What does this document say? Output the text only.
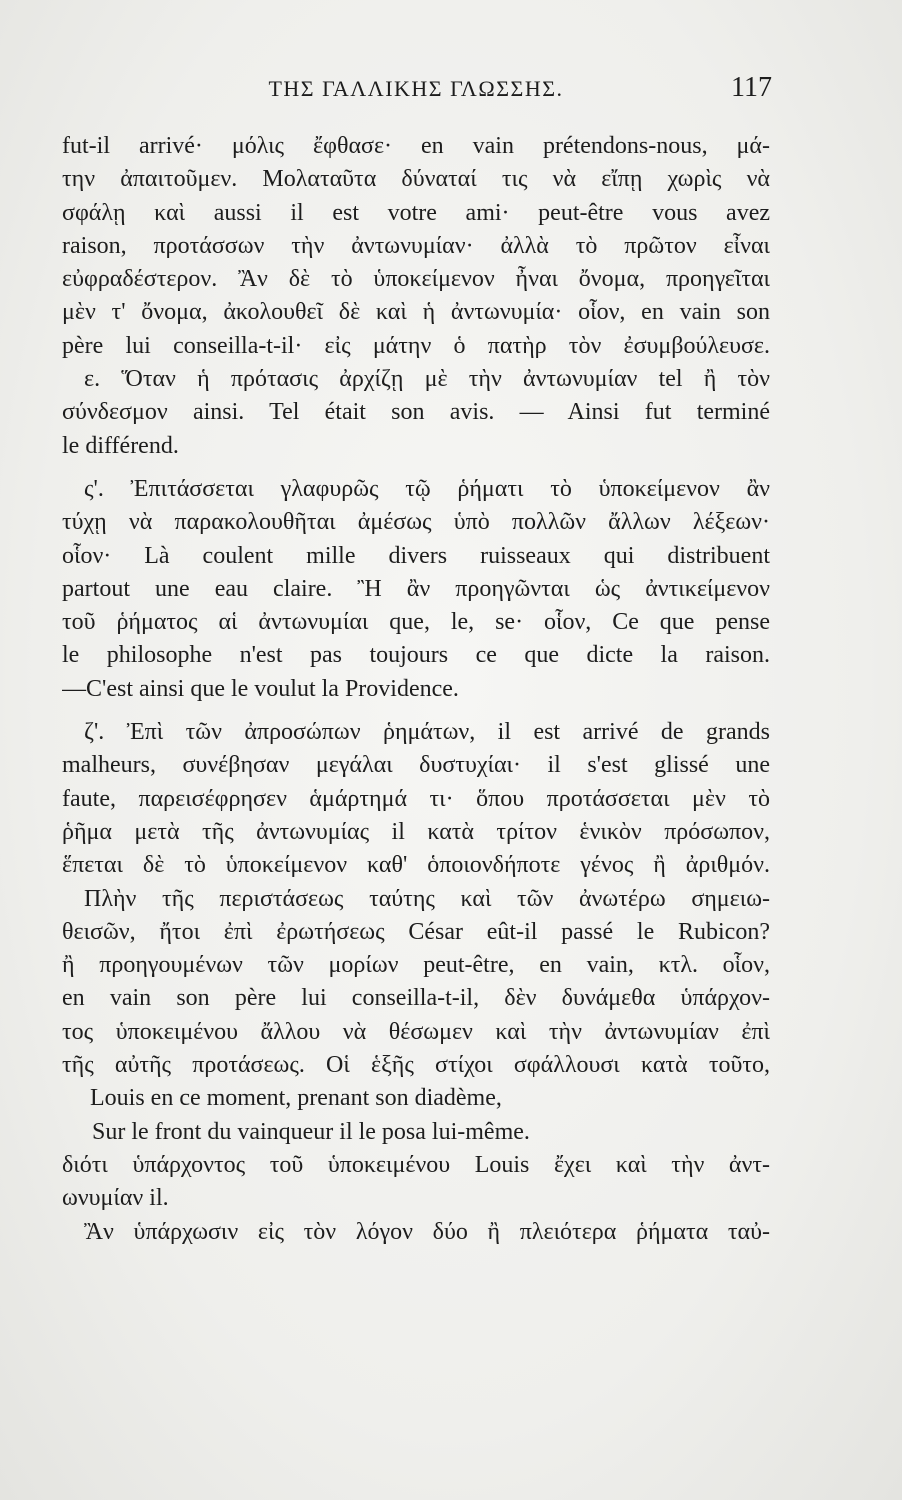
ΤΗΣ ΓΑΛΛΙΚΗΣ ΓΛΩΣΣΗΣ.	117
fut-il arrivé· μόλις ἔφθασε· en vain prétendons-nous, μά-
την ἀπαιτοῦμεν. Μολαταῦτα δύναταί τις νὰ εἴπῃ χωρὶς νὰ
σφάλῃ καὶ aussi il est votre ami· peut-être vous avez
raison, προτάσσων τὴν ἀντωνυμίαν· ἀλλὰ τὸ πρῶτον εἶναι
εὐφραδέστερον. Ἂν δὲ τὸ ὑποκείμενον ἦναι ὄνομα, προηγεῖται
μὲν τ' ὄνομα, ἀκολουθεῖ δὲ καὶ ἡ ἀντωνυμία· οἷον, en vain son
père lui conseilla-t-il· εἰς μάτην ὁ πατὴρ τὸν ἐσυμβούλευσε.
ε. Ὅταν ἡ πρότασις ἀρχίζῃ μὲ τὴν ἀντωνυμίαν tel ἢ τὸν
σύνδεσμον ainsi. Tel était son avis. — Ainsi fut terminé
le différend.
ς'. Ἐπιτάσσεται γλαφυρῶς τῷ ῥήματι τὸ ὑποκείμενον ἂν
τύχῃ νὰ παρακολουθῆται ἀμέσως ὑπὸ πολλῶν ἄλλων λέξεων·
οἷον· Là coulent mille divers ruisseaux qui distribuent
partout une eau claire. Ἢ ἂν προηγῶνται ὡς ἀντικείμενον
τοῦ ῥήματος αἱ ἀντωνυμίαι que, le, se· οἷον, Ce que pense
le philosophe n'est pas toujours ce que dicte la raison.
—C'est ainsi que le voulut la Providence.
ζ'. Ἐπὶ τῶν ἀπροσώπων ῥημάτων, il est arrivé de grands
malheurs, συνέβησαν μεγάλαι δυστυχίαι· il s'est glissé une
faute, παρεισέφρησεν ἁμάρτημά τι· ὅπου προτάσσεται μὲν τὸ
ῥῆμα μετὰ τῆς ἀντωνυμίας il κατὰ τρίτον ἑνικὸν πρόσωπον,
ἕπεται δὲ τὸ ὑποκείμενον καθ' ὁποιονδήποτε γένος ἢ ἀριθμόν.
Πλὴν τῆς περιστάσεως ταύτης καὶ τῶν ἀνωτέρω σημειω-
θεισῶν, ἤτοι ἐπὶ ἐρωτήσεως César eût-il passé le Rubicon?
ἢ προηγουμένων τῶν μορίων peut-être, en vain, κτλ. οἷον,
en vain son père lui conseilla-t-il, δὲν δυνάμεθα ὑπάρχον-
τος ὑποκειμένου ἄλλου νὰ θέσωμεν καὶ τὴν ἀντωνυμίαν ἐπὶ
τῆς αὐτῆς προτάσεως. Οἱ ἑξῆς στίχοι σφάλλουσι κατὰ τοῦτο,
Louis en ce moment, prenant son diadème,
Sur le front du vainqueur il le posa lui-même.
διότι ὑπάρχοντος τοῦ ὑποκειμένου Louis ἔχει καὶ τὴν ἀντ-
ωνυμίαν il.
Ἂν ὑπάρχωσιν εἰς τὸν λόγον δύο ἢ πλειότερα ῥήματα ταὐ-
